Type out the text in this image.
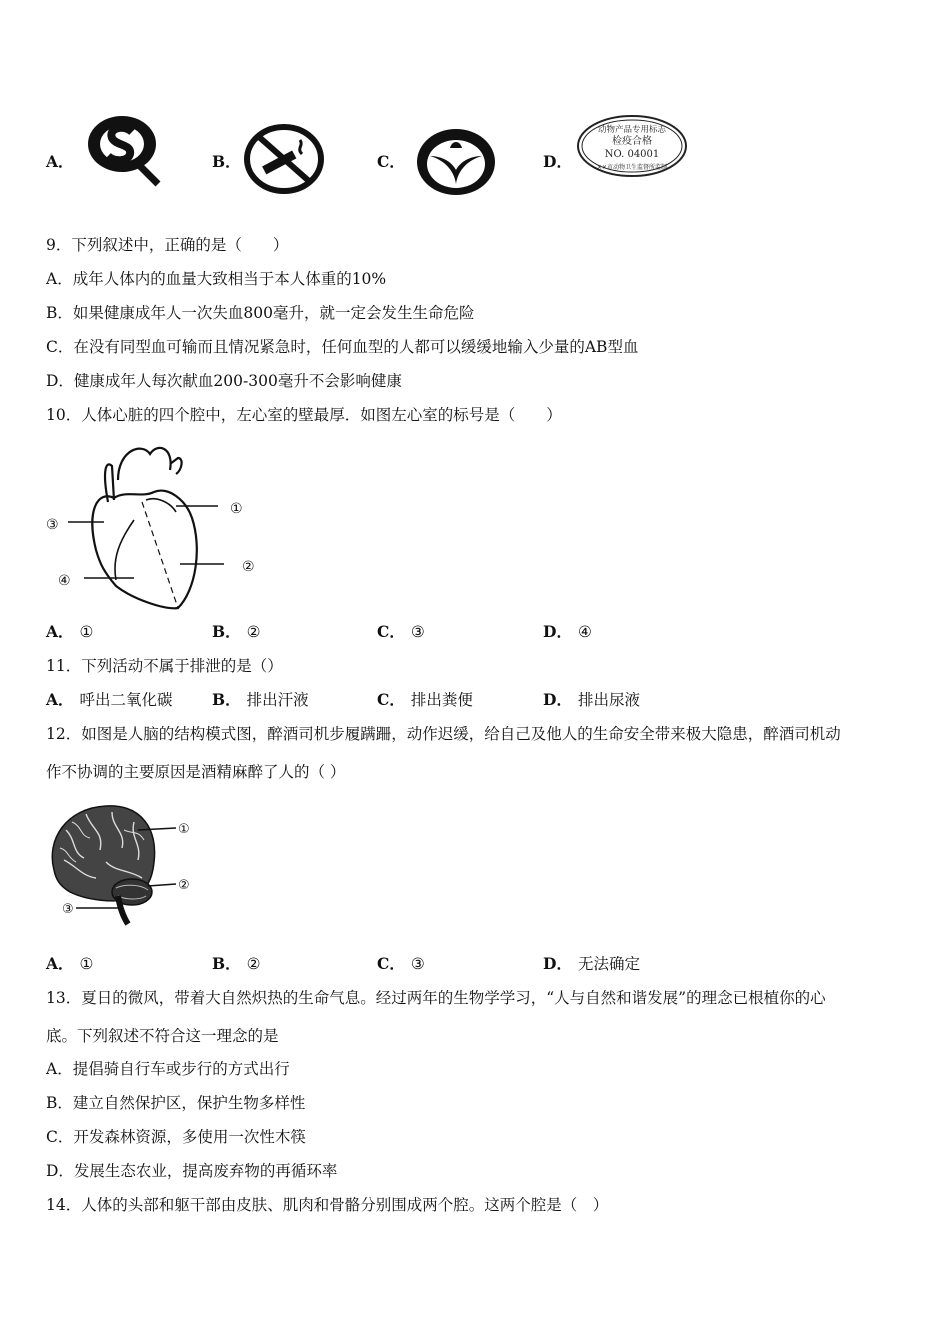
A．	B．	C．	D．
动物产品专用标志
检疫合格
NO. 04001
××市动物卫生监督所监制
9．下列叙述中，正确的是（　　）
A．成年人体内的血量大致相当于本人体重的10%
B．如果健康成年人一次失血800毫升，就一定会发生生命危险
C．在没有同型血可输而且情况紧急时，任何血型的人都可以缓缓地输入少量的AB型血
D．健康成年人每次献血200-300毫升不会影响健康
10．人体心脏的四个腔中，左心室的壁最厚．如图左心室的标号是（　　）
①
②
③
④
A． ①	B． ②	C． ③	D． ④
11．下列活动不属于排泄的是（）
A． 呼出二氧化碳	B． 排出汗液	C． 排出粪便	D． 排出尿液
12．如图是人脑的结构模式图，醉酒司机步履蹒跚，动作迟缓，给自己及他人的生命安全带来极大隐患，醉酒司机动
作不协调的主要原因是酒精麻醉了人的（ ）
①
②
③
A． ①	B． ②	C． ③	D． 无法确定
13．夏日的微风，带着大自然炽热的生命气息。经过两年的生物学学习，“人与自然和谐发展”的理念已根植你的心
底。下列叙述不符合这一理念的是
A．提倡骑自行车或步行的方式出行
B．建立自然保护区，保护生物多样性
C．开发森林资源，多使用一次性木筷
D．发展生态农业，提高废弃物的再循环率
14．人体的头部和躯干部由皮肤、肌肉和骨骼分别围成两个腔。这两个腔是（　）
